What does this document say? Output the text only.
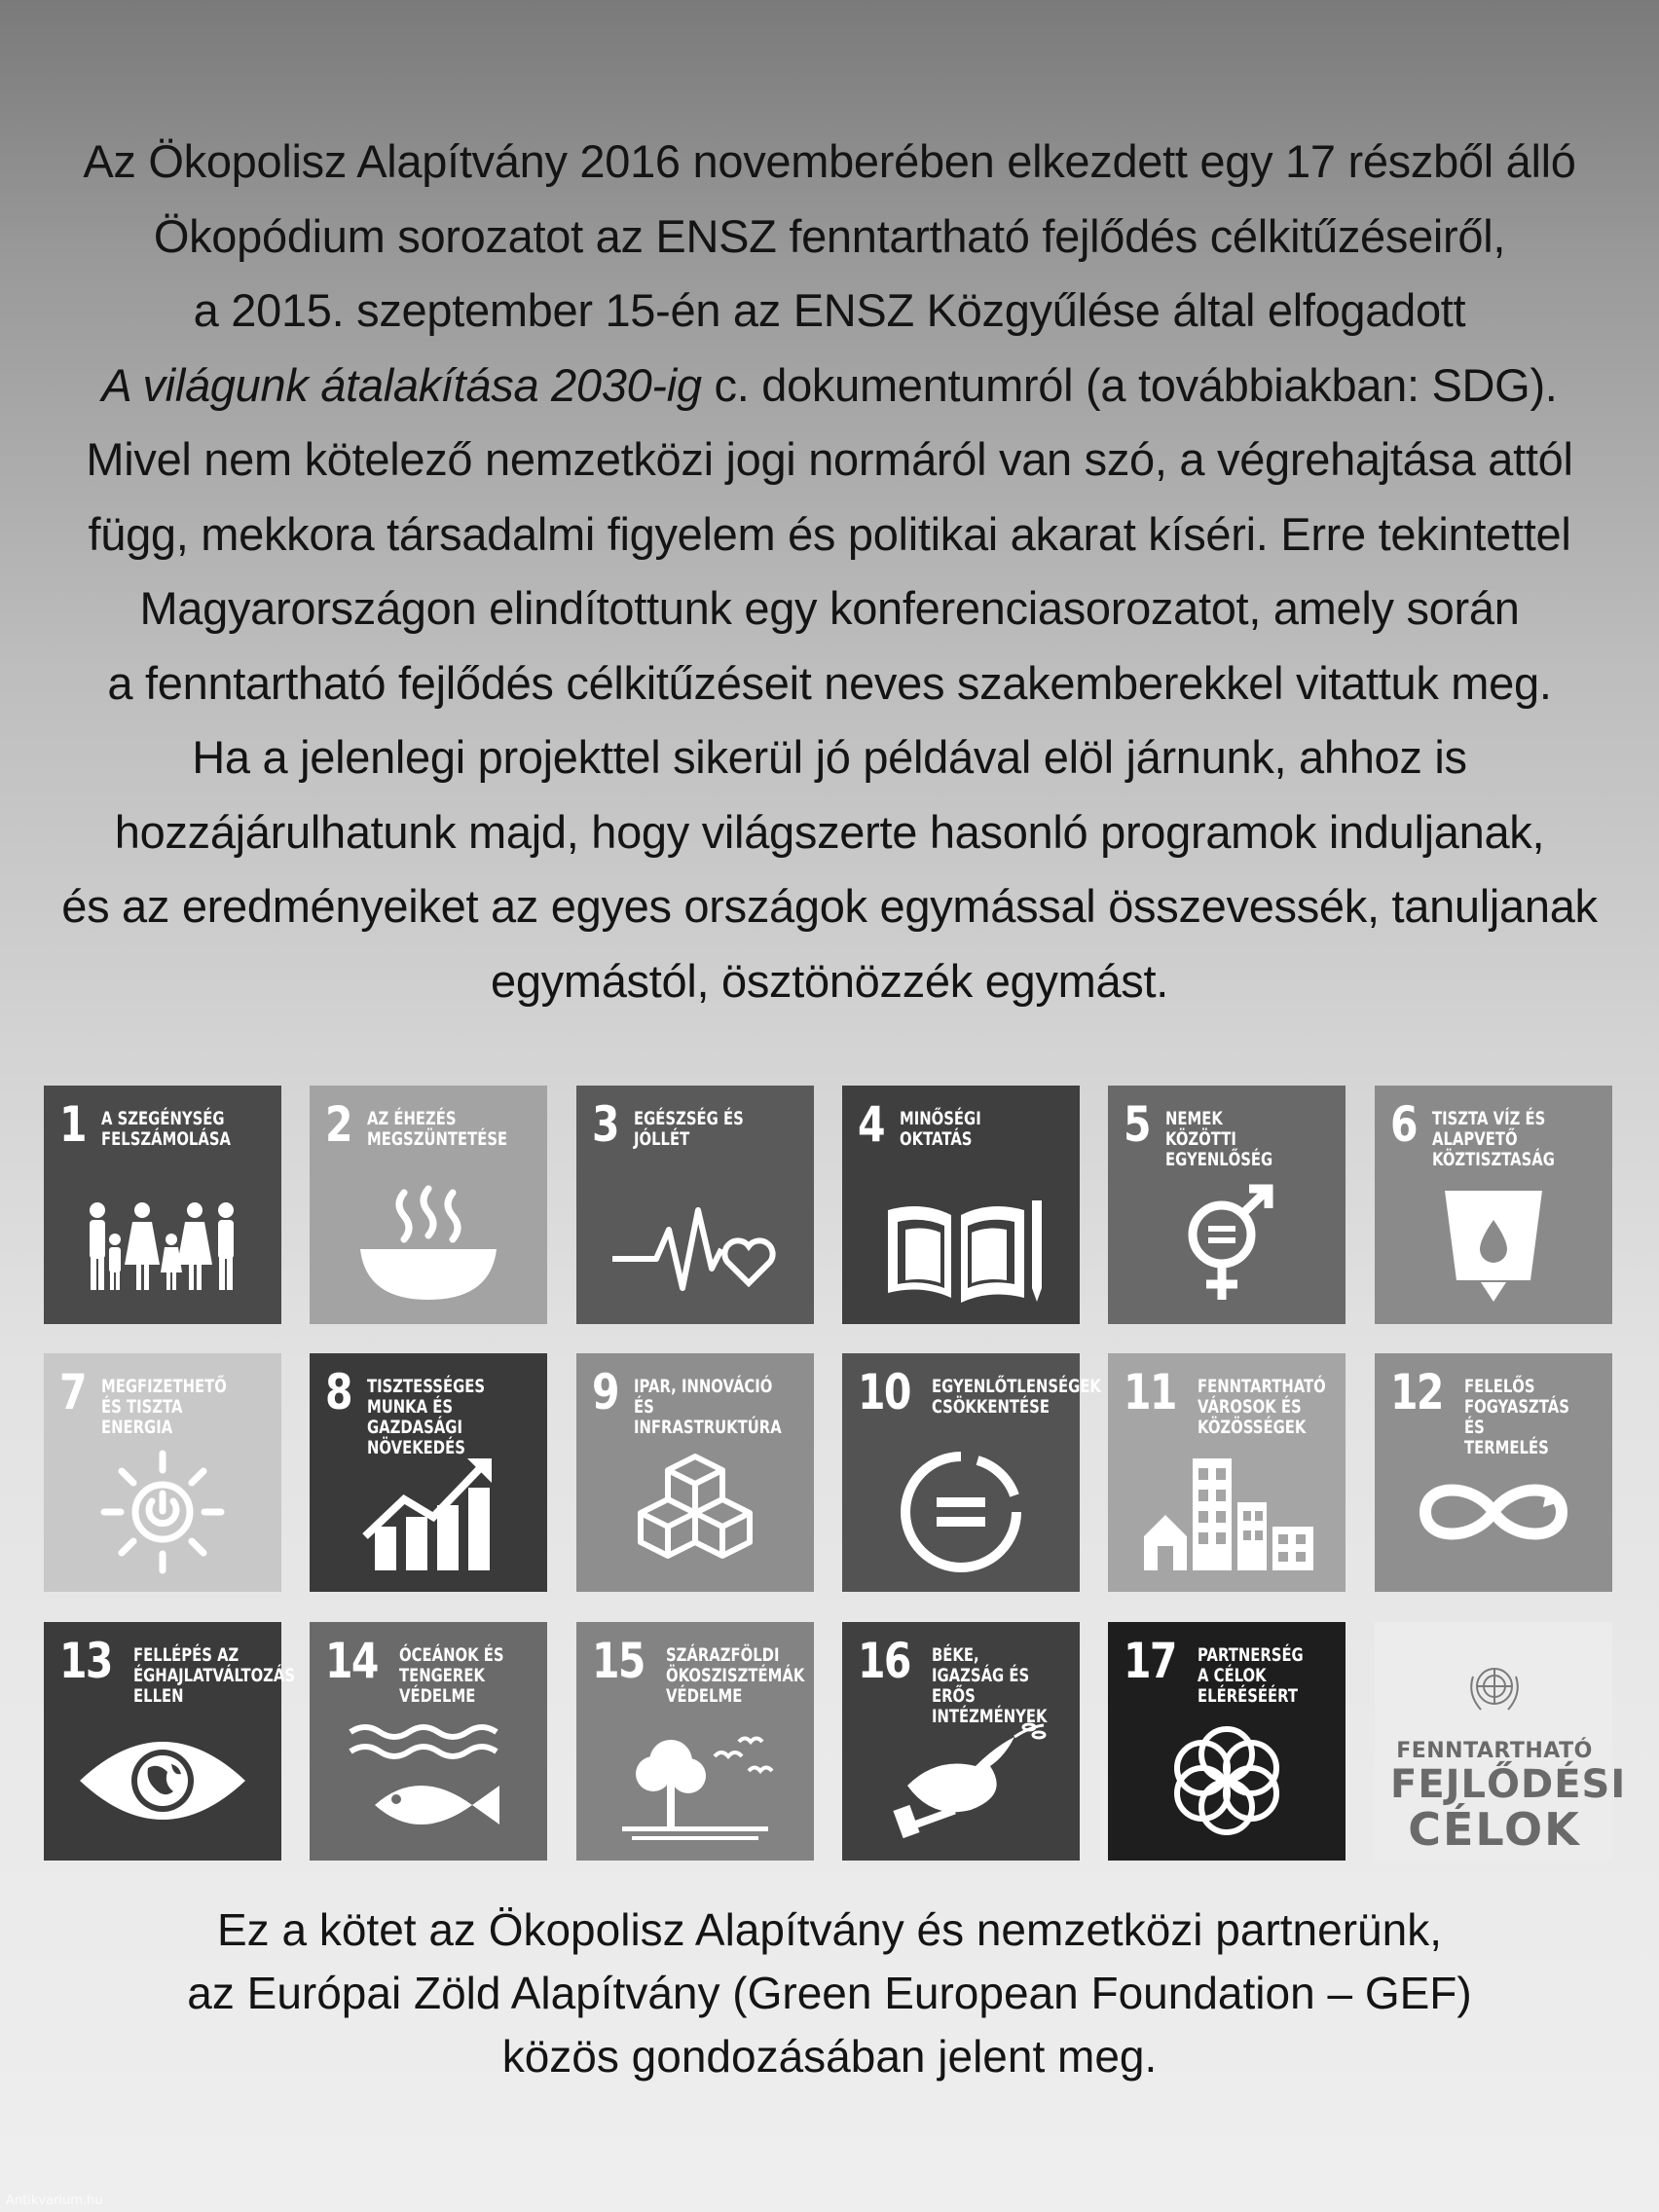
Az Ökopolisz Alapítvány 2016 novemberében elkezdett egy 17 részből álló
Ökopódium sorozatot az ENSZ fenntartható fejlődés célkitűzéseiről,
a 2015. szeptember 15-én az ENSZ Közgyűlése által elfogadott
A világunk átalakítása 2030-ig c. dokumentumról (a továbbiakban: SDG).
Mivel nem kötelező nemzetközi jogi normáról van szó, a végrehajtása attól
függ, mekkora társadalmi figyelem és politikai akarat kíséri. Erre tekintettel
Magyarországon elindítottunk egy konferenciasorozatot, amely során
a fenntartható fejlődés célkitűzéseit neves szakemberekkel vitattuk meg.
Ha a jelenlegi projekttel sikerül jó példával elöl járnunk, ahhoz is
hozzájárulhatunk majd, hogy világszerte hasonló programok induljanak,
és az eredményeiket az egyes országok egymással összevessék, tanuljanak
egymástól, ösztönözzék egymást.
1 A SZEGÉNYSÉG FELSZÁMOLÁSA 2 AZ ÉHEZÉS MEGSZÜNTETÉSE 3 EGÉSZSÉG ÉS JÓLLÉT	4 MINŐSÉGI OKTATÁS	5 NEMEK KÖZÖTTI EGYENLŐSÉG
6 TISZTA VÍZ ÉS ALAPVETŐ KÖZTISZTASÁG
7 MEGFIZETHETŐ ÉS TISZTA ENERGIA
8 TISZTESSÉGES MUNKA ÉS GAZDASÁGI NÖVEKEDÉS
9 IPAR, INNOVÁCIÓ ÉS INFRASTRUKTÚRA
10 EGYENLŐTLENSÉGEK CSÖKKENTÉSE	11 FENNTARTHATÓ VÁROSOK ÉS KÖZÖSSÉGEK
12 FELELŐS FOGYASZTÁS ÉS TERMELÉS
13 FELLÉPÉS AZ ÉGHAJLATVÁLTOZÁS ELLEN
14 ÓCEÁNOK ÉS TENGEREK VÉDELME
15 SZÁRAZFÖLDI ÖKOSZISZTÉMÁK VÉDELME
16 BÉKE, IGAZSÁG ÉS ERŐS INTÉZMÉNYEK
17 PARTNERSÉG A CÉLOK ELÉRÉSÉÉRT
FENNTARTHATÓ
FEJLŐDÉSI
CÉLOK
Ez a kötet az Ökopolisz Alapítvány és nemzetközi partnerünk,
az Európai Zöld Alapítvány (Green European Foundation – GEF)
közös gondozásában jelent meg.
Antikvarium.hu
